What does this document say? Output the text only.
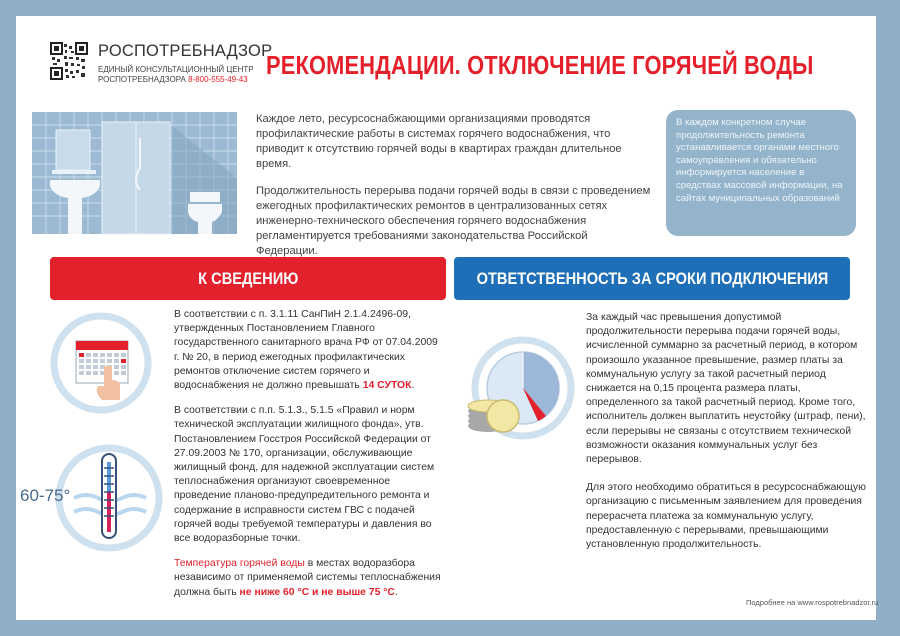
РОСПОТРЕБНАДЗОР
ЕДИНЫЙ КОНСУЛЬТАЦИОННЫЙ ЦЕНТР
РОСПОТРЕБНАДЗОРА 8-800-555-49-43 РЕКОМЕНДАЦИИ. ОТКЛЮЧЕНИЕ ГОРЯЧЕЙ ВОДЫ

Каждое лето, ресурсоснабжающими организациями проводятся профилактические работы в системах горячего водоснабжения, что приводит к отсутствию горячей воды в квартирах граждан длительное время.

Продолжительность перерыва подачи горячей воды в связи с проведением ежегодных профилактических ремонтов в централизованных сетях инженерно-технического обеспечения горячего водоснабжения регламентируется требованиями законодательства Российской Федерации.

В каждом конкретном случае продолжительность ремонта устанавливается органами местного самоуправления и обязательно информируется население в средствах массовой информации, на сайтах муниципальных образований
К СВЕДЕНИЮ	ОТВЕТСТВЕННОСТЬ ЗА СРОКИ ПОДКЛЮЧЕНИЯ
60-75°

В соответствии с п. 3.1.11 СанПиН 2.1.4.2496-09, утвержденных Постановлением Главного государственного санитарного врача РФ от 07.04.2009 г. № 20, в период ежегодных профилактических ремонтов отключение систем горячего и водоснабжения не должно превышать 14 СУТОК.

В соответствии с п.п. 5.1.3., 5.1.5 «Правил и норм технической эксплуатации жилищного фонда», утв. Постановлением Госстроя Российской Федерации от 27.09.2003 № 170, организации, обслуживающие жилищный фонд, для надежной эксплуатации систем теплоснабжения организуют своевременное проведение планово-предупредительного ремонта и содержание в исправности систем ГВС с подачей горячей воды требуемой температуры и давления во все водоразборные точки.

Температура горячей воды в местах водоразбора независимо от применяемой системы теплоснабжения должна быть не ниже 60 °С и не выше 75 °С.

За каждый час превышения допустимой продолжительности перерыва подачи горячей воды, исчисленной суммарно за расчетный период, в котором произошло указанное превышение, размер платы за коммунальную услугу за такой расчетный период снижается на 0,15 процента размера платы, определенного за такой расчетный период. Кроме того, исполнитель должен выплатить неустойку (штраф, пени), если перерывы не связаны с отсутствием технической возможности оказания коммунальных услуг без перерывов.

Для этого необходимо обратиться в ресурсоснабжающую организацию с письменным заявлением для проведения перерасчета платежа за коммунальную услугу, предоставленную с перерывами, превышающими установленную продолжительность.

Подробнее на www.rospotrebnadzor.ru
